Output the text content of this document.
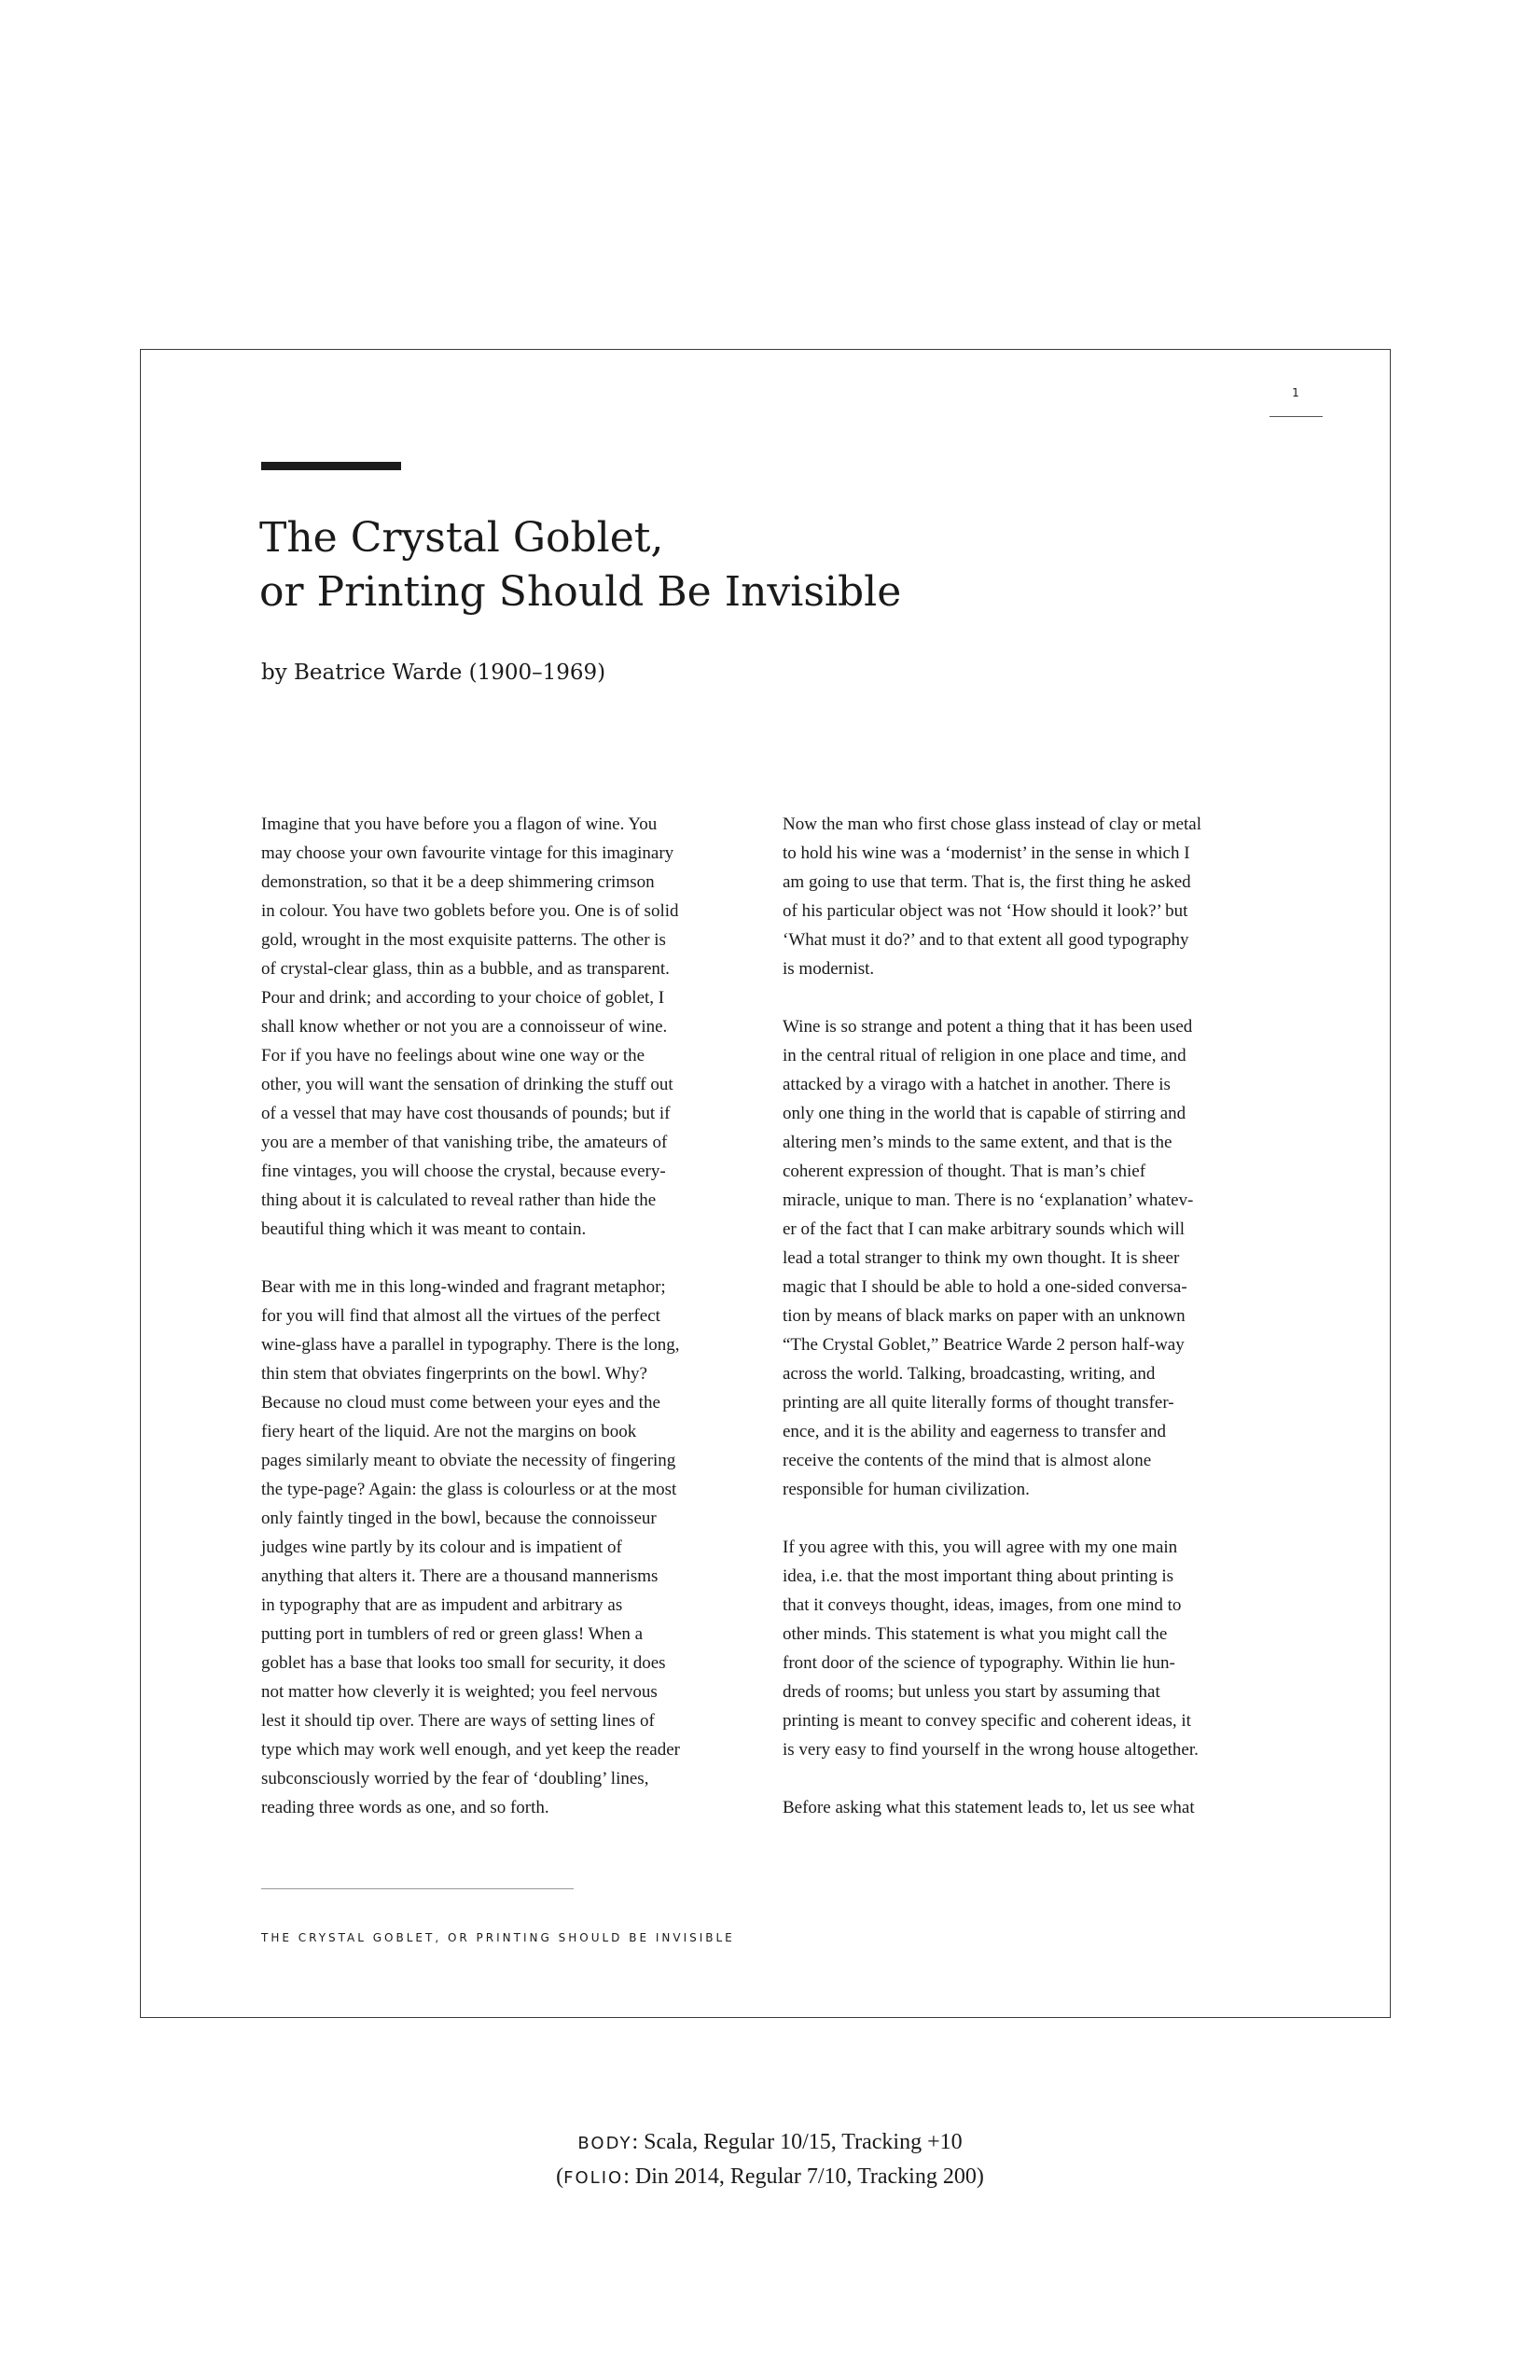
1
The Crystal Goblet,
or Printing Should Be Invisible
by Beatrice Warde (1900–1969)

Imagine that you have before you a flagon of wine. You
may choose your own favourite vintage for this imaginary
demonstration, so that it be a deep shimmering crimson
in colour. You have two goblets before you. One is of solid
gold, wrought in the most exquisite patterns. The other is
of crystal-clear glass, thin as a bubble, and as transparent.
Pour and drink; and according to your choice of goblet, I
shall know whether or not you are a connoisseur of wine.
For if you have no feelings about wine one way or the
other, you will want the sensation of drinking the stuff out
of a vessel that may have cost thousands of pounds; but if
you are a member of that vanishing tribe, the amateurs of
fine vintages, you will choose the crystal, because every-
thing about it is calculated to reveal rather than hide the
beautiful thing which it was meant to contain.

Bear with me in this long-winded and fragrant metaphor;
for you will find that almost all the virtues of the perfect
wine-glass have a parallel in typography. There is the long,
thin stem that obviates fingerprints on the bowl. Why?
Because no cloud must come between your eyes and the
fiery heart of the liquid. Are not the margins on book
pages similarly meant to obviate the necessity of fingering
the type-page? Again: the glass is colourless or at the most
only faintly tinged in the bowl, because the connoisseur
judges wine partly by its colour and is impatient of
anything that alters it. There are a thousand mannerisms
in typography that are as impudent and arbitrary as
putting port in tumblers of red or green glass! When a
goblet has a base that looks too small for security, it does
not matter how cleverly it is weighted; you feel nervous
lest it should tip over. There are ways of setting lines of
type which may work well enough, and yet keep the reader
subconsciously worried by the fear of ‘doubling’ lines,
reading three words as one, and so forth.

Now the man who first chose glass instead of clay or metal
to hold his wine was a ‘modernist’ in the sense in which I
am going to use that term. That is, the first thing he asked
of his particular object was not ‘How should it look?’ but
‘What must it do?’ and to that extent all good typography
is modernist.

Wine is so strange and potent a thing that it has been used
in the central ritual of religion in one place and time, and
attacked by a virago with a hatchet in another. There is
only one thing in the world that is capable of stirring and
altering men’s minds to the same extent, and that is the
coherent expression of thought. That is man’s chief
miracle, unique to man. There is no ‘explanation’ whatev-
er of the fact that I can make arbitrary sounds which will
lead a total stranger to think my own thought. It is sheer
magic that I should be able to hold a one-sided conversa-
tion by means of black marks on paper with an unknown
“The Crystal Goblet,” Beatrice Warde 2 person half-way
across the world. Talking, broadcasting, writing, and
printing are all quite literally forms of thought transfer-
ence, and it is the ability and eagerness to transfer and
receive the contents of the mind that is almost alone
responsible for human civilization.

If you agree with this, you will agree with my one main
idea, i.e. that the most important thing about printing is
that it conveys thought, ideas, images, from one mind to
other minds. This statement is what you might call the
front door of the science of typography. Within lie hun-
dreds of rooms; but unless you start by assuming that
printing is meant to convey specific and coherent ideas, it
is very easy to find yourself in the wrong house altogether.

Before asking what this statement leads to, let us see what

THE CRYSTAL GOBLET, OR PRINTING SHOULD BE INVISIBLE
BODY: Scala, Regular 10/15, Tracking +10
(FOLIO: Din 2014, Regular 7/10, Tracking 200)
